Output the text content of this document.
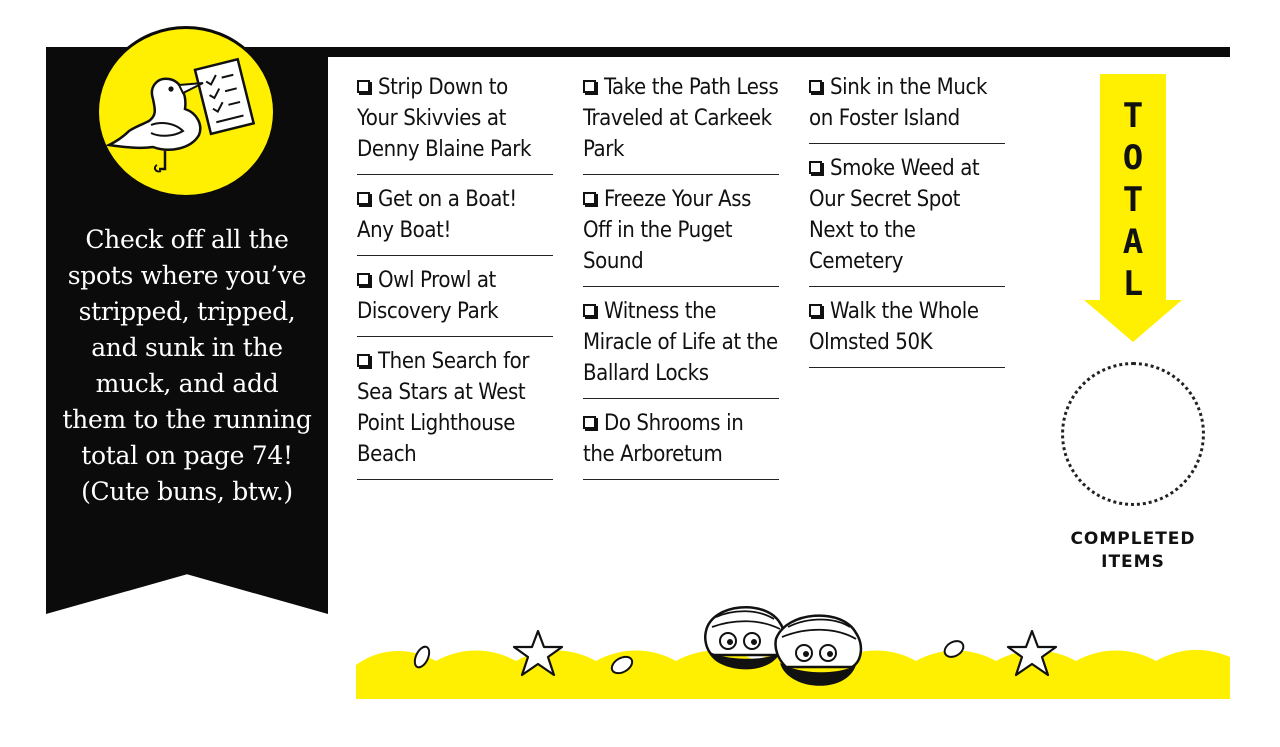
Check off all the spots where you’ve stripped, tripped, and sunk in the muck, and add them to the running total on page 74! (Cute buns, btw.)
Strip Down to Your Skivvies at Denny Blaine Park
Get on a Boat! Any Boat!
Owl Prowl at Discovery Park
Then Search for Sea Stars at West Point Lighthouse Beach
Take the Path Less Traveled at Carkeek Park
Freeze Your Ass Off in the Puget Sound
Witness the Miracle of Life at the Ballard Locks
Do Shrooms in the Arboretum
Sink in the Muck on Foster Island
Smoke Weed at Our Secret Spot Next to the Cemetery
Walk the Whole Olmsted 50K
T
O
T
A
L
COMPLETED
ITEMS
